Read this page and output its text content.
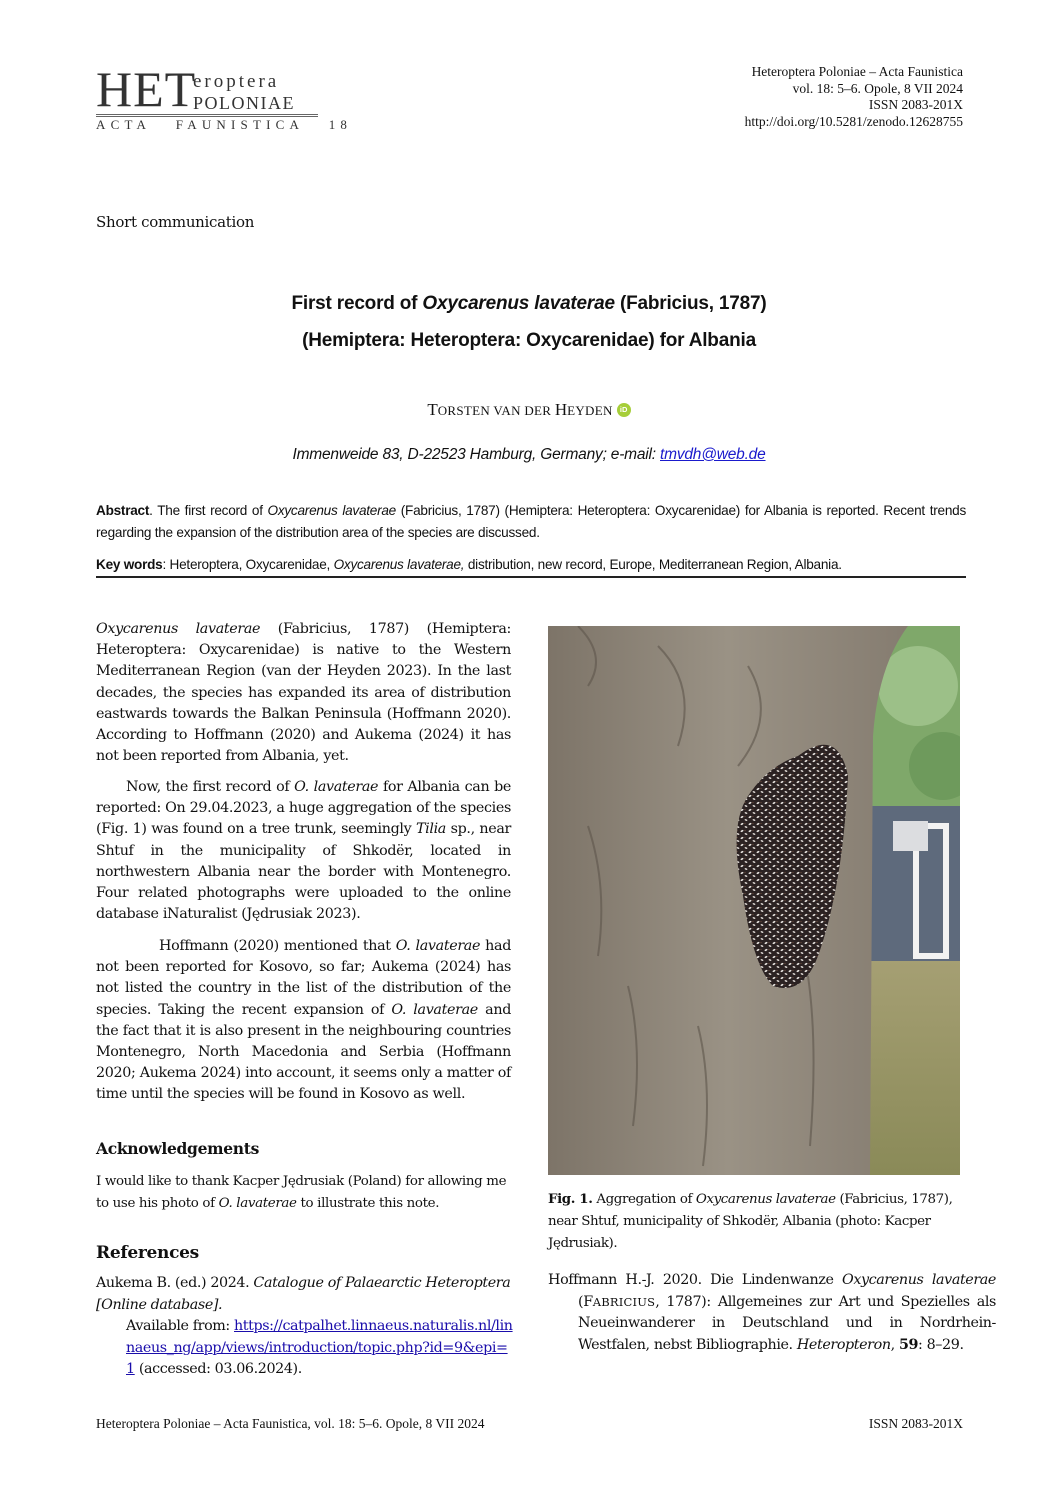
HET
eroptera
POLONIAE
ACTA   FAUNISTICA   18
Heteroptera Poloniae – Acta Faunistica
vol. 18: 5–6. Opole, 8 VII 2024
ISSN 2083-201X
http://doi.org/10.5281/zenodo.12628755
Short communication
First record of Oxycarenus lavaterae (Fabricius, 1787)
(Hemiptera: Heteroptera: Oxycarenidae) for Albania
TORSTEN VAN DER HEYDEN iD
Immenweide 83, D-22523 Hamburg, Germany; e-mail: tmvdh@web.de
Abstract. The first record of Oxycarenus lavaterae (Fabricius, 1787) (Hemiptera: Heteroptera: Oxycarenidae) for Albania is reported. Recent trends regarding the expansion of the distribution area of the species are discussed.
Key words: Heteroptera, Oxycarenidae, Oxycarenus lavaterae, distribution, new record, Europe, Mediterranean Region, Albania.

Oxycarenus lavaterae (Fabricius, 1787) (Hemiptera: Heteroptera: Oxycarenidae) is native to the Western Mediterranean Region (van der Heyden 2023). In the last decades, the species has expanded its area of distribution eastwards towards the Balkan Peninsula (Hoffmann 2020). According to Hoffmann (2020) and Aukema (2024) it has not been reported from Albania, yet.

Now, the first record of O. lavaterae for Albania can be reported: On 29.04.2023, a huge aggregation of the species (Fig. 1) was found on a tree trunk, seemingly Tilia sp., near Shtuf in the municipality of Shkodër, located in northwestern Albania near the border with Montenegro. Four related photographs were uploaded to the online database iNaturalist (Jędrusiak 2023).

Hoffmann (2020) mentioned that O. lavaterae had not been reported for Kosovo, so far; Aukema (2024) has not listed the country in the list of the distribution of the species. Taking the recent expansion of O. lavaterae and the fact that it is also present in the neighbouring countries Montenegro, North Macedonia and Serbia (Hoffmann 2020; Aukema 2024) into account, it seems only a matter of time until the species will be found in Kosovo as well.

Acknowledgements
I would like to thank Kacper Jędrusiak (Poland) for allowing me to use his photo of O. lavaterae to illustrate this note.
References
Aukema B. (ed.) 2024. Catalogue of Palaearctic Heteroptera [Online database].
Available from: https://catpalhet.linnaeus.naturalis.nl/linnaeus_ng/app/views/introduction/topic.php?id=9&epi=1 (accessed: 03.06.2024).
Hoffmann H.-J. 2020. Die Lindenwanze Oxycarenus lavaterae (FABRICIUS, 1787): Allgemeines zur Art und Spezielles als Neueinwanderer in Deutschland und in Nordrhein-Westfalen, nebst Bibliographie. Heteropteron, 59: 8–29.
Fig. 1. Aggregation of Oxycarenus lavaterae (Fabricius, 1787), near Shtuf, municipality of Shkodër, Albania (photo: Kacper Jędrusiak).
Heteroptera Poloniae – Acta Faunistica, vol. 18: 5–6. Opole, 8 VII 2024	ISSN 2083-201X
